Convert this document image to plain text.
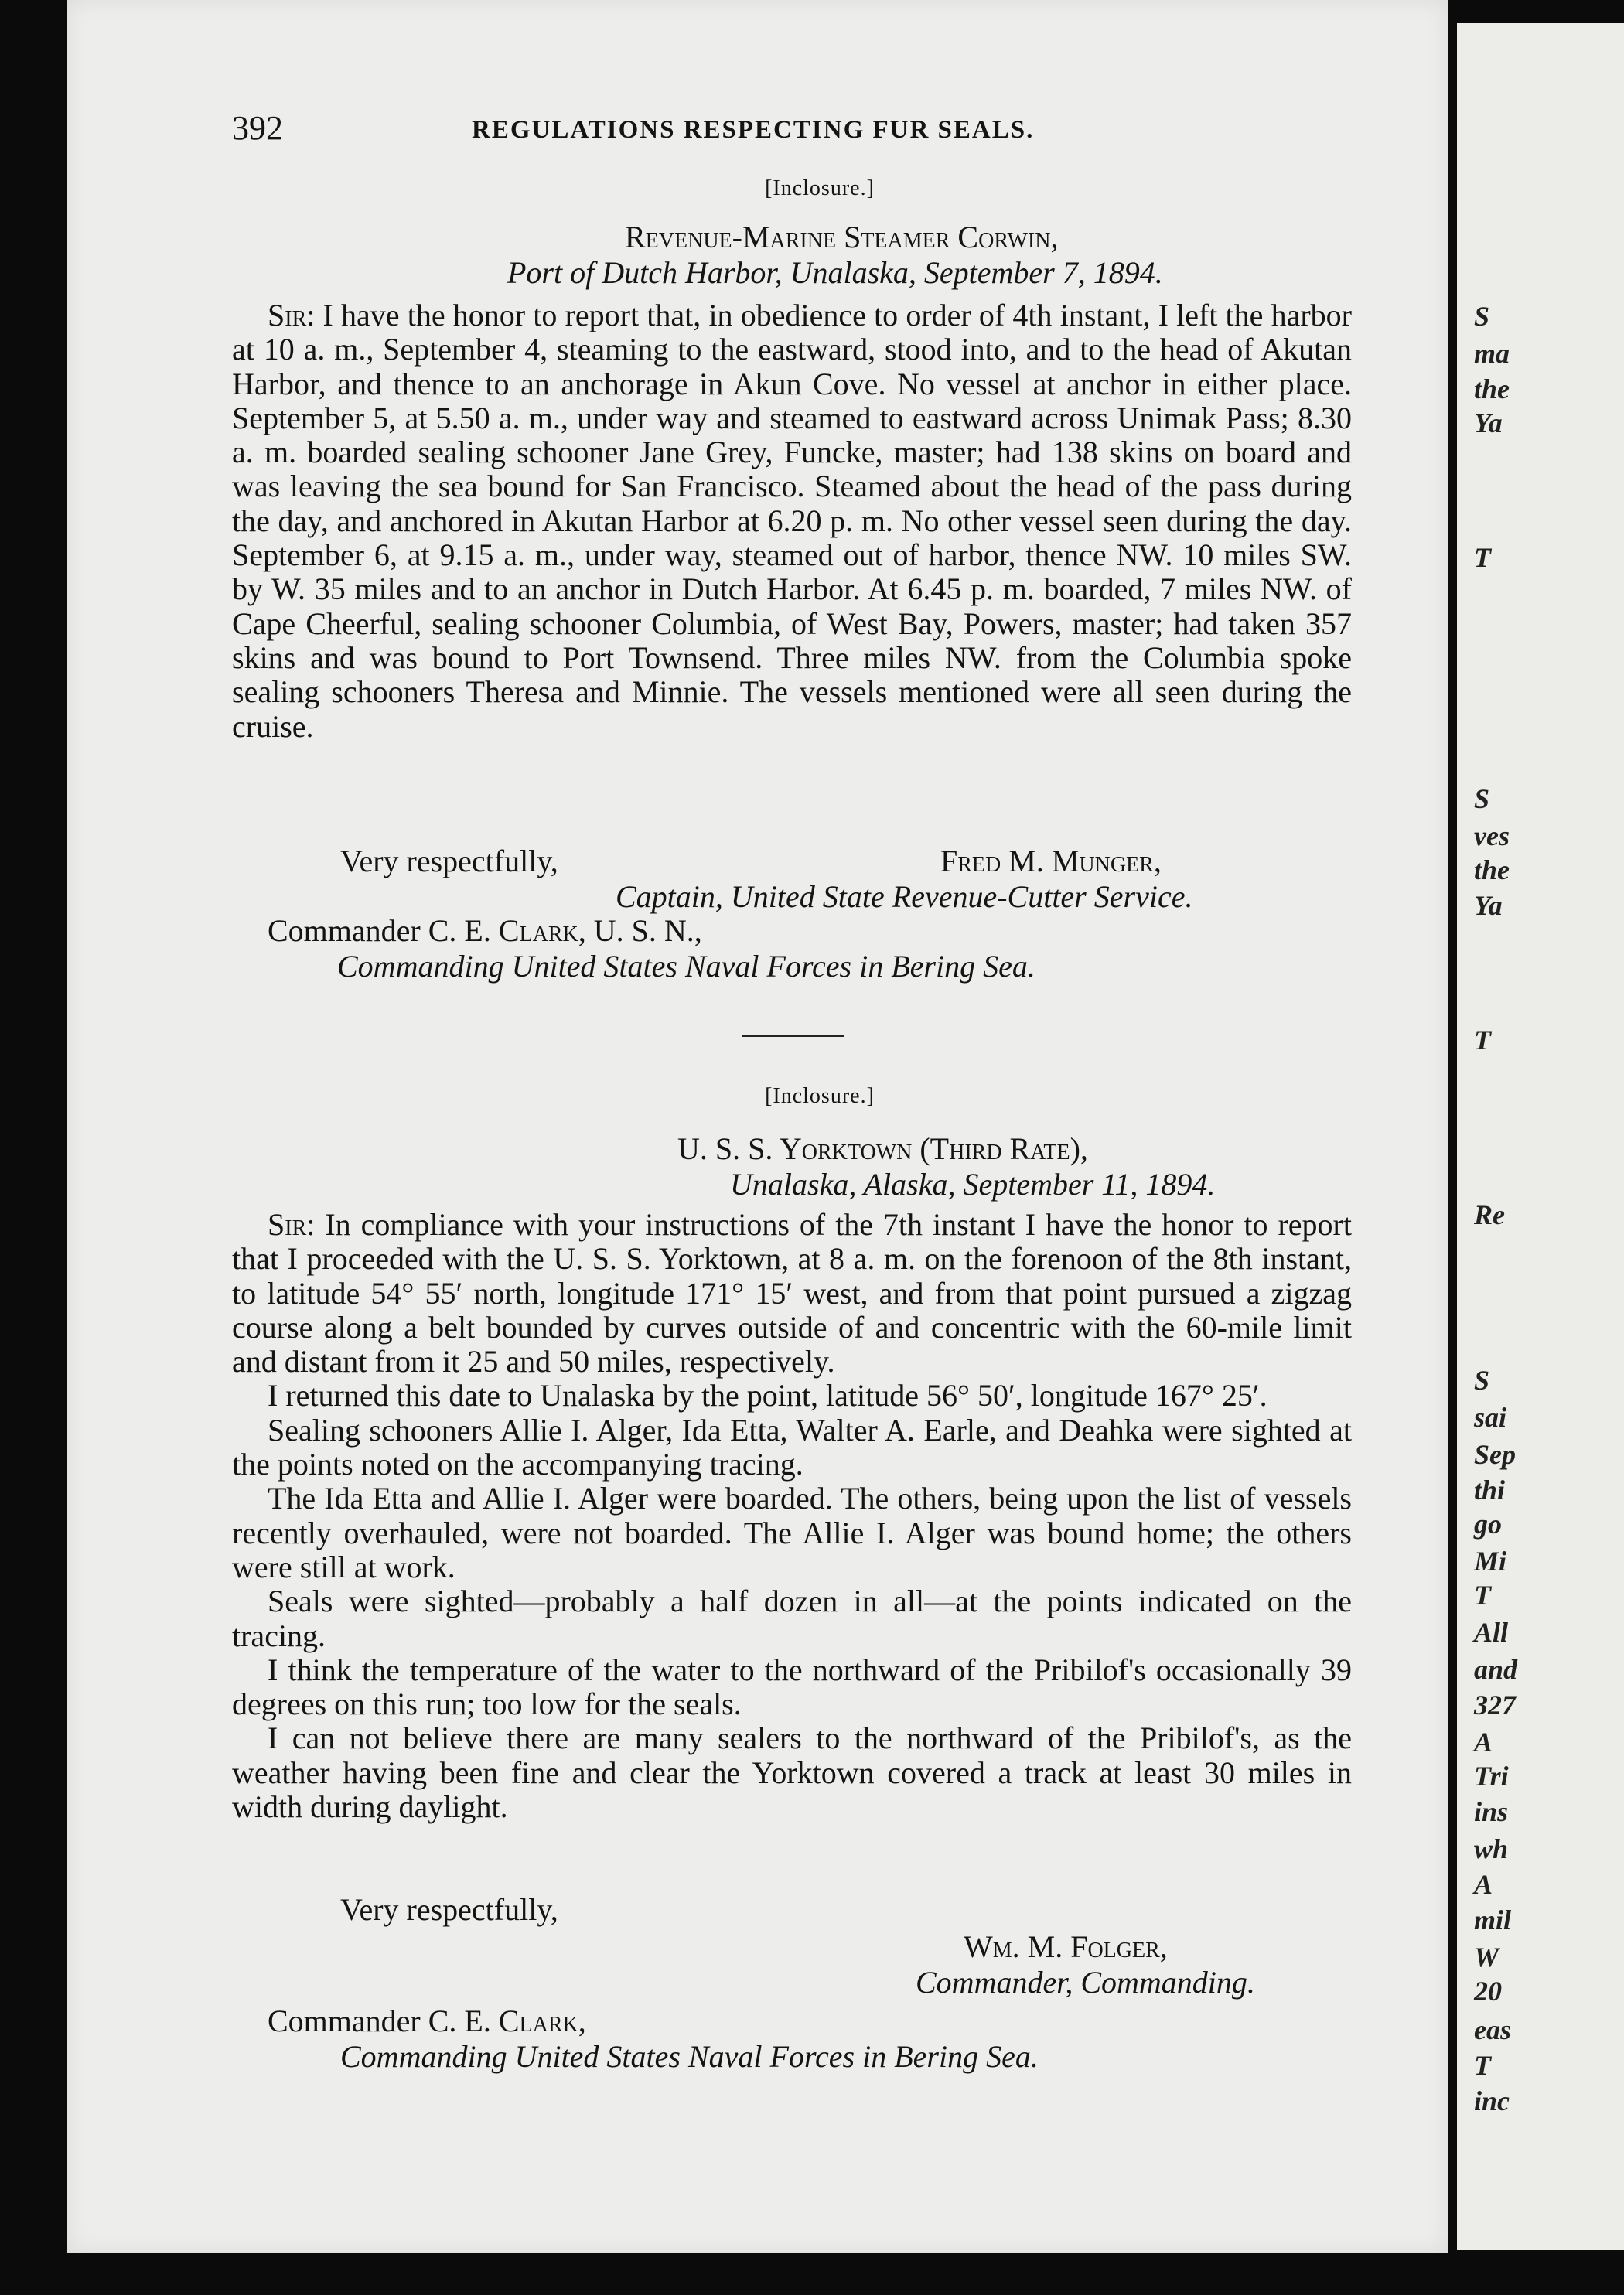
S
ma
the
Ya
T
S
ves
the
Ya
T
Re
S
sai
Sep
thi
go
Mi
T
All
and
327
A
Tri
ins
wh
A
mil
W
20
eas
T
inc
392	REGULATIONS RESPECTING FUR SEALS.
[Inclosure.]
Revenue-Marine Steamer Corwin,
Port of Dutch Harbor, Unalaska, September 7, 1894.

Sir: I have the honor to report that, in obedience to order of 4th instant, I left the harbor at 10 a. m., September 4, steaming to the eastward, stood into, and to the head of Akutan Harbor, and thence to an anchorage in Akun Cove. No vessel at anchor in either place. September 5, at 5.50 a. m., under way and steamed to eastward across Unimak Pass; 8.30 a. m. boarded sealing schooner Jane Grey, Funcke, master; had 138 skins on board and was leaving the sea bound for San Francisco. Steamed about the head of the pass during the day, and anchored in Akutan Harbor at 6.20 p. m. No other vessel seen during the day. September 6, at 9.15 a. m., under way, steamed out of harbor, thence NW. 10 miles SW. by W. 35 miles and to an anchor in Dutch Harbor. At 6.45 p. m. boarded, 7 miles NW. of Cape Cheerful, sealing schooner Columbia, of West Bay, Powers, master; had taken 357 skins and was bound to Port Townsend. Three miles NW. from the Columbia spoke sealing schooners Theresa and Minnie. The vessels mentioned were all seen during the cruise.

Very respectfully,	Fred M. Munger,
Captain, United State Revenue-Cutter Service.
Commander C. E. Clark, U. S. N.,
Commanding United States Naval Forces in Bering Sea.
[Inclosure.]
U. S. S. Yorktown (Third Rate),
Unalaska, Alaska, September 11, 1894.

Sir: In compliance with your instructions of the 7th instant I have the honor to report that I proceeded with the U. S. S. Yorktown, at 8 a. m. on the forenoon of the 8th instant, to latitude 54° 55′ north, longitude 171° 15′ west, and from that point pursued a zigzag course along a belt bounded by curves outside of and concentric with the 60-mile limit and distant from it 25 and 50 miles, respectively.

I returned this date to Unalaska by the point, latitude 56° 50′, longitude 167° 25′.

Sealing schooners Allie I. Alger, Ida Etta, Walter A. Earle, and Deahka were sighted at the points noted on the accompanying tracing.

The Ida Etta and Allie I. Alger were boarded. The others, being upon the list of vessels recently overhauled, were not boarded. The Allie I. Alger was bound home; the others were still at work.

Seals were sighted—probably a half dozen in all—at the points indicated on the tracing.

I think the temperature of the water to the northward of the Pribilof's occasionally 39 degrees on this run; too low for the seals.

I can not believe there are many sealers to the northward of the Pribilof's, as the weather having been fine and clear the Yorktown covered a track at least 30 miles in width during daylight.

Very respectfully,
Wm. M. Folger,
Commander, Commanding.
Commander C. E. Clark,
Commanding United States Naval Forces in Bering Sea.
